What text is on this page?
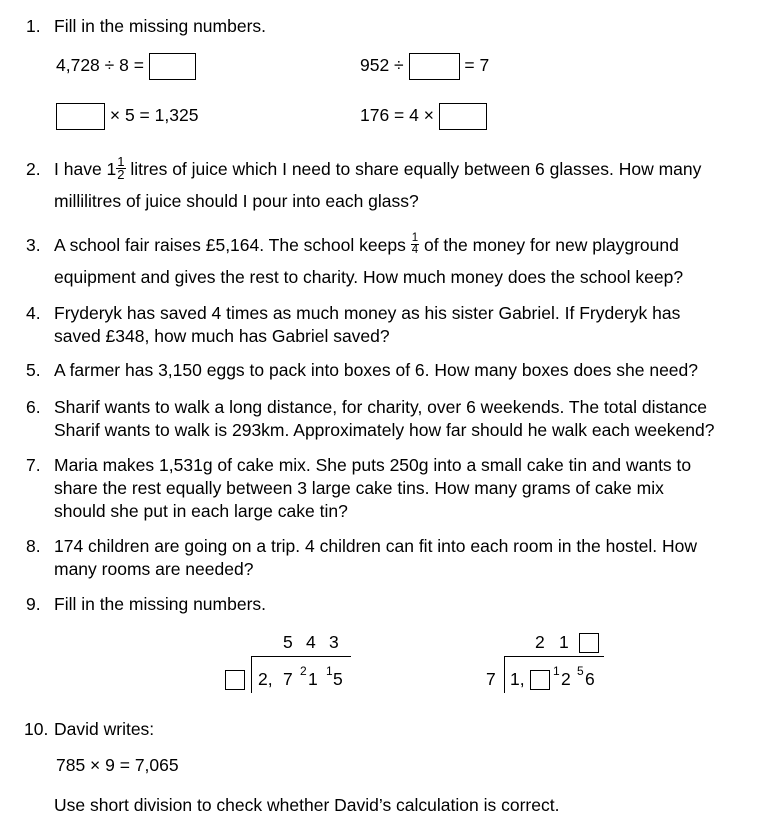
1. Fill in the missing numbers.
4,728 ÷ 8 =	952 ÷	= 7
× 5 = 1,325	176 = 4 ×
2. I have $1 \frac{1}{2}$ litres of juice which I need to share equally between 6 glasses. How many
millilitres of juice should I pour into each glass?
3. A school fair raises £5,164. The school keeps $\frac{1}{4}$ of the money for new playground
equipment and gives the rest to charity. How much money does the school keep?
4. Fryderyk has saved 4 times as much money as his sister Gabriel. If Fryderyk has
saved £348, how much has Gabriel saved?
5. A farmer has 3,150 eggs to pack into boxes of 6. How many boxes does she need?
6. Sharif wants to walk a long distance, for charity, over 6 weekends. The total distance
Sharif wants to walk is 293km. Approximately how far should he walk each weekend?
7. Maria makes 1,531g of cake mix. She puts 250g into a small cake tin and wants to
share the rest equally between 3 large cake tins. How many grams of cake mix
should she put in each large cake tin?
8. 174 children are going on a trip. 4 children can fit into each room in the hostel. How
many rooms are needed?
9. Fill in the missing numbers.
5 4 3
2, 7 2 1 1 5
2 1
7 1, 1 2 5 6
10. David writes:
785 × 9 = 7,065
Use short division to check whether David’s calculation is correct.
